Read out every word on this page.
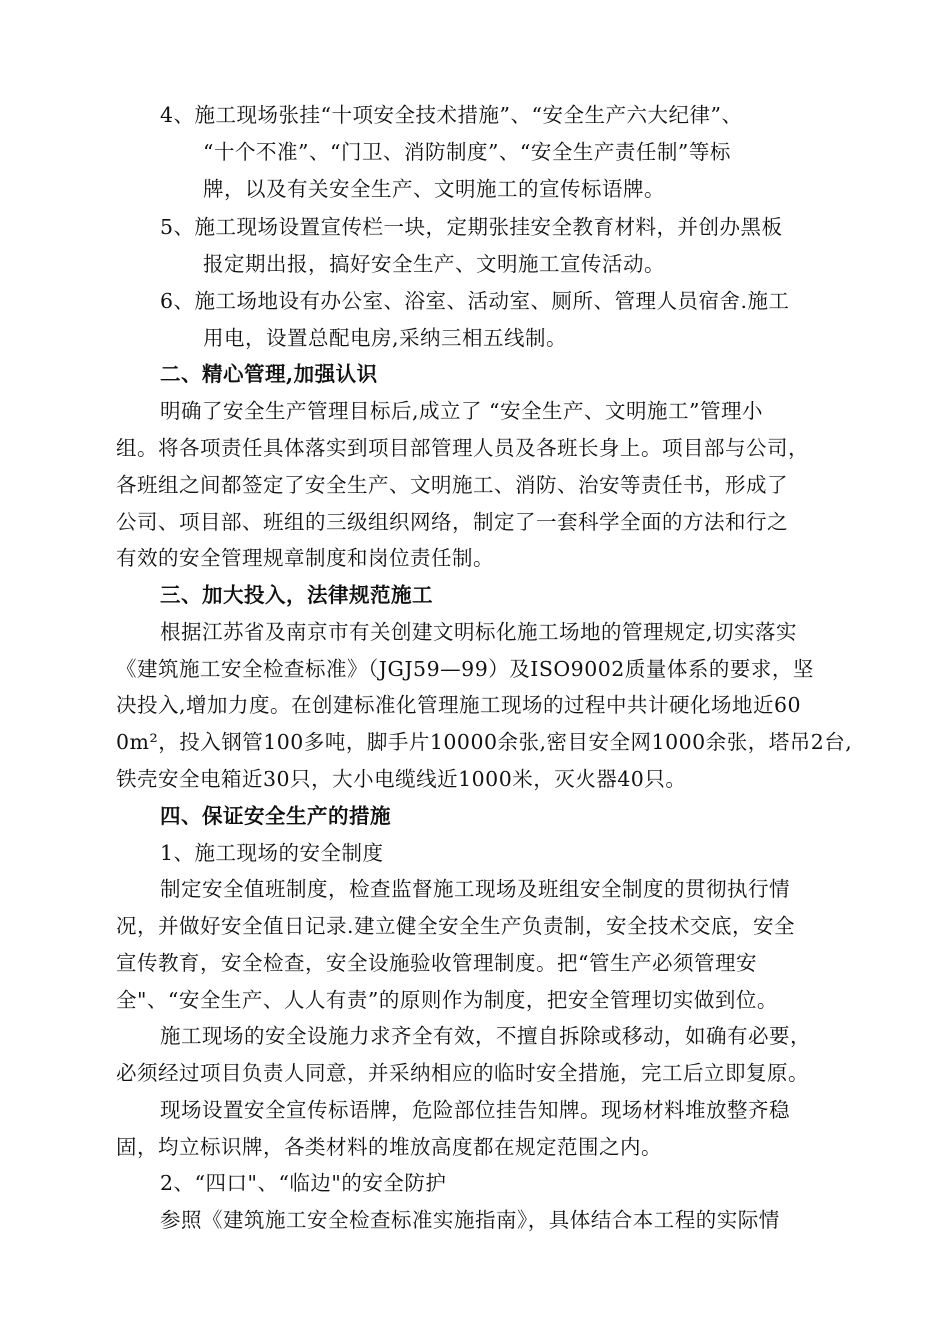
4、施工现场张挂“十项安全技术措施”、“安全生产六大纪律”、
“十个不准”、“门卫、消防制度”、“安全生产责任制”等标
牌，以及有关安全生产、文明施工的宣传标语牌。
5、施工现场设置宣传栏一块，定期张挂安全教育材料，并创办黑板
报定期出报，搞好安全生产、文明施工宣传活动。
6、施工场地设有办公室、浴室、活动室、厕所、管理人员宿舍.施工
用电，设置总配电房,采纳三相五线制。
二、精心管理,加强认识
明确了安全生产管理目标后,成立了 “安全生产、文明施工”管理小
组。将各项责任具体落实到项目部管理人员及各班长身上。项目部与公司，
各班组之间都签定了安全生产、文明施工、消防、治安等责任书，形成了
公司、项目部、班组的三级组织网络，制定了一套科学全面的方法和行之
有效的安全管理规章制度和岗位责任制。
三、加大投入，法律规范施工
根据江苏省及南京市有关创建文明标化施工场地的管理规定,切实落实
《建筑施工安全检查标准》（JGJ59—99）及ISO9002质量体系的要求，坚
决投入,增加力度。在创建标准化管理施工现场的过程中共计硬化场地近60
0m²，投入钢管100多吨，脚手片10000余张,密目安全网1000余张，塔吊2台,
铁壳安全电箱近30只，大小电缆线近1000米，灭火器40只。
四、保证安全生产的措施
1、施工现场的安全制度
制定安全值班制度，检查监督施工现场及班组安全制度的贯彻执行情
况，并做好安全值日记录.建立健全安全生产负责制，安全技术交底，安全
宣传教育，安全检查，安全设施验收管理制度。把“管生产必须管理安
全"、“安全生产、人人有责”的原则作为制度，把安全管理切实做到位。
施工现场的安全设施力求齐全有效，不擅自拆除或移动，如确有必要，
必须经过项目负责人同意，并采纳相应的临时安全措施，完工后立即复原。
现场设置安全宣传标语牌，危险部位挂告知牌。现场材料堆放整齐稳
固，均立标识牌，各类材料的堆放高度都在规定范围之内。
2、“四口"、“临边"的安全防护
参照《建筑施工安全检查标准实施指南》，具体结合本工程的实际情
